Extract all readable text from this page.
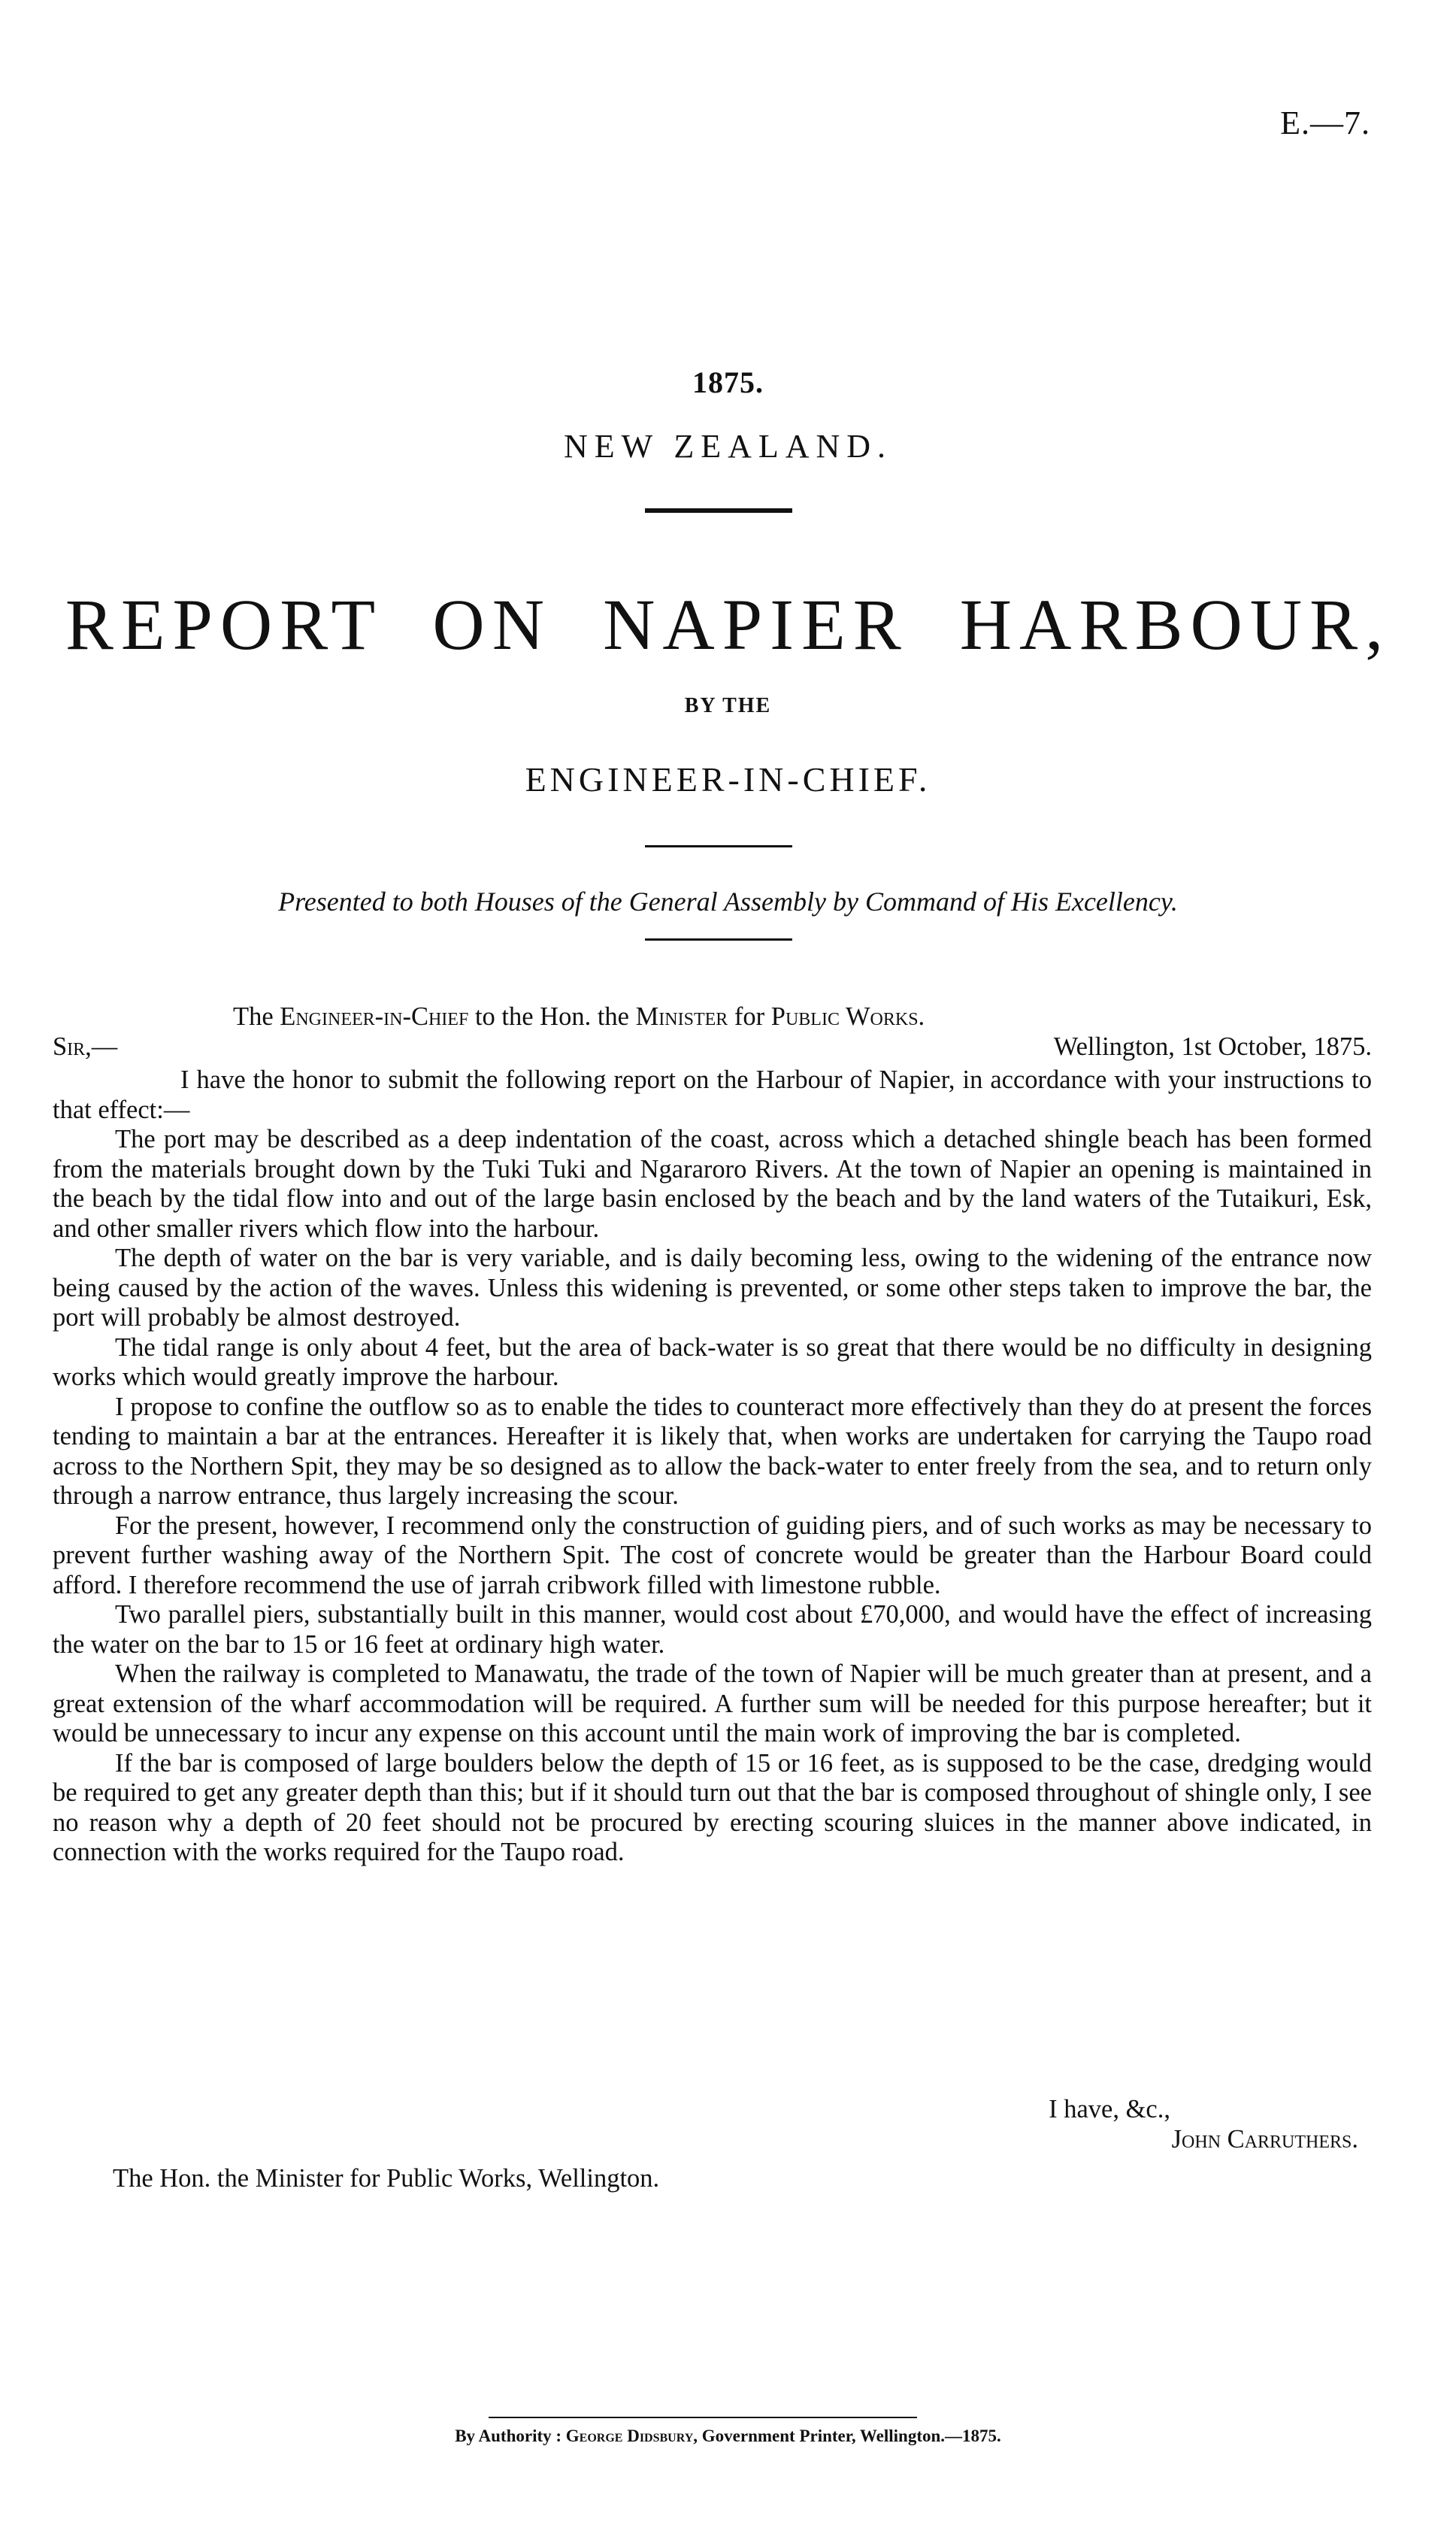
E.—7.
1875.
NEW ZEALAND.
REPORT ON NAPIER HARBOUR,
BY THE
ENGINEER-IN-CHIEF.
Presented to both Houses of the General Assembly by Command of His Excellency.
The Engineer-in-Chief to the Hon. the Minister for Public Works.
Sir,—	Wellington, 1st October, 1875.

I have the honor to submit the following report on the Harbour of Napier, in accordance with your instructions to that effect:—

The port may be described as a deep indentation of the coast, across which a detached shingle beach has been formed from the materials brought down by the Tuki Tuki and Ngararoro Rivers. At the town of Napier an opening is maintained in the beach by the tidal flow into and out of the large basin enclosed by the beach and by the land waters of the Tutaikuri, Esk, and other smaller rivers which flow into the harbour.

The depth of water on the bar is very variable, and is daily becoming less, owing to the widening of the entrance now being caused by the action of the waves. Unless this widening is prevented, or some other steps taken to improve the bar, the port will probably be almost destroyed.

The tidal range is only about 4 feet, but the area of back-water is so great that there would be no difficulty in designing works which would greatly improve the harbour.

I propose to confine the outflow so as to enable the tides to counteract more effectively than they do at present the forces tending to maintain a bar at the entrances. Hereafter it is likely that, when works are undertaken for carrying the Taupo road across to the Northern Spit, they may be so designed as to allow the back-water to enter freely from the sea, and to return only through a narrow entrance, thus largely increasing the scour.

For the present, however, I recommend only the construction of guiding piers, and of such works as may be necessary to prevent further washing away of the Northern Spit. The cost of concrete would be greater than the Harbour Board could afford. I therefore recommend the use of jarrah cribwork filled with limestone rubble.

Two parallel piers, substantially built in this manner, would cost about £70,000, and would have the effect of increasing the water on the bar to 15 or 16 feet at ordinary high water.

When the railway is completed to Manawatu, the trade of the town of Napier will be much greater than at present, and a great extension of the wharf accommodation will be required. A further sum will be needed for this purpose hereafter; but it would be unnecessary to incur any expense on this account until the main work of improving the bar is completed.

If the bar is composed of large boulders below the depth of 15 or 16 feet, as is supposed to be the case, dredging would be required to get any greater depth than this; but if it should turn out that the bar is composed throughout of shingle only, I see no reason why a depth of 20 feet should not be procured by erecting scouring sluices in the manner above indicated, in connection with the works required for the Taupo road.

I have, &c.,
John Carruthers.
The Hon. the Minister for Public Works, Wellington.
By Authority : George Didsbury, Government Printer, Wellington.—1875.
